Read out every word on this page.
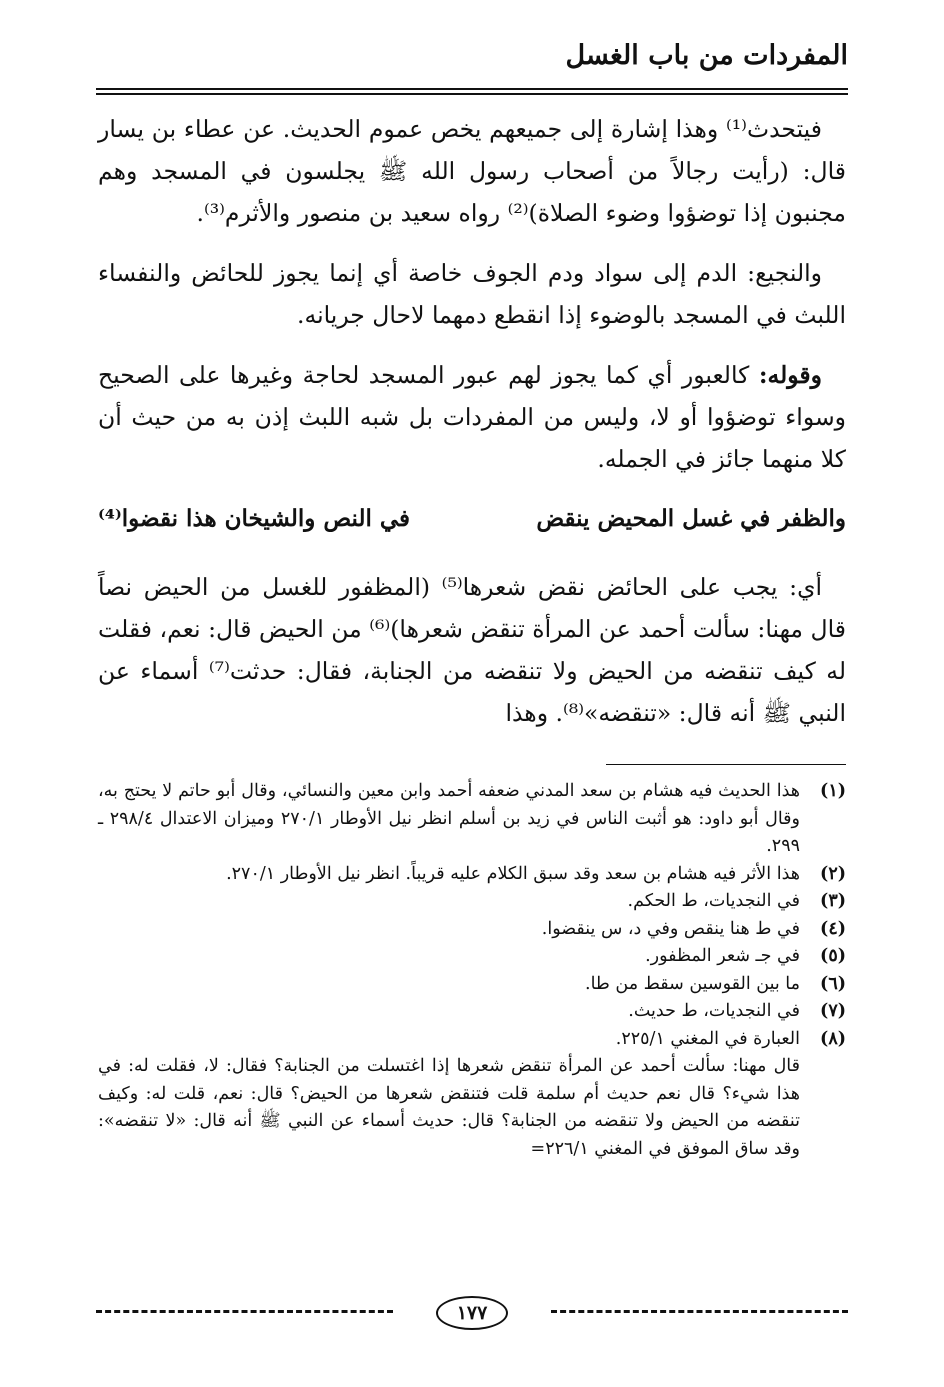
المفردات من باب الغسل

فيتحدث⁽¹⁾ وهذا إشارة إلى جميعهم يخص عموم الحديث. عن عطاء بن يسار قال: (رأيت رجالاً من أصحاب رسول الله ﷺ يجلسون في المسجد وهم مجنبون إذا توضؤوا وضوء الصلاة)⁽²⁾ رواه سعيد بن منصور والأثرم⁽³⁾.

والنجيع: الدم إلى سواد ودم الجوف خاصة أي إنما يجوز للحائض والنفساء اللبث في المسجد بالوضوء إذا انقطع دمهما لاحال جريانه.

وقوله: كالعبور أي كما يجوز لهم عبور المسجد لحاجة وغيرها على الصحيح وسواء توضؤوا أو لا، وليس من المفردات بل شبه اللبث إذن به من حيث أن كلا منهما جائز في الجمله.

والظفر في غسل المحيض ينقض
في النص والشيخان هذا نقضوا⁽⁴⁾

أي: يجب على الحائض نقض شعرها⁽⁵⁾ (المظفور للغسل من الحيض نصاً قال مهنا: سألت أحمد عن المرأة تنقض شعرها)⁽⁶⁾ من الحيض قال: نعم، فقلت له كيف تنقضه من الحيض ولا تنقضه من الجنابة، فقال: حدثت⁽⁷⁾ أسماء عن النبي ﷺ أنه قال: «تنقضه»⁽⁸⁾. وهذا

(١)
هذا الحديث فيه هشام بن سعد المدني ضعفه أحمد وابن معين والنسائي، وقال أبو حاتم لا يحتج به، وقال أبو داود: هو أثبت الناس في زيد بن أسلم انظر نيل الأوطار ٢٧٠/١ وميزان الاعتدال ٢٩٨/٤ ـ ٢٩٩.
(٢)
هذا الأثر فيه هشام بن سعد وقد سبق الكلام عليه قريباً. انظر نيل الأوطار ٢٧٠/١.
(٣)
في النجديات، ط الحكم.
(٤)
في ط هنا ينقص وفي د، س ينقضوا.
(٥)
في جـ شعر المظفور.
(٦)
ما بين القوسين سقط من طا.
(٧)
في النجديات، ط حديث.
(٨)
العبارة في المغني ٢٢٥/١.
قال مهنا: سألت أحمد عن المرأة تنقض شعرها إذا اغتسلت من الجنابة؟ فقال: لا، فقلت له: في هذا شيء؟ قال نعم حديث أم سلمة قلت فتنقض شعرها من الحيض؟ قال: نعم، قلت له: وكيف تنقضه من الحيض ولا تنقضه من الجنابة؟ قال: حديث أسماء عن النبي ﷺ أنه قال: «لا تنقضه»: وقد ساق الموفق في المغني ٢٢٦/١=
١٧٧
